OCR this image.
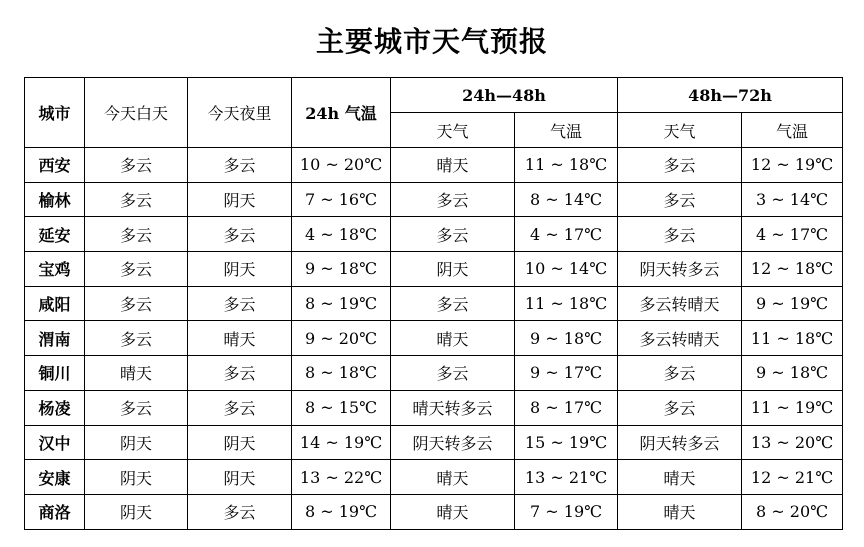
主要城市天气预报
城市	今天白天	今天夜里	24h 气温	24h—48h		48h—72h	
				天气	气温	天气	气温
西安	多云	多云	10 ~ 20℃	晴天	11 ~ 18℃	多云	12 ~ 19℃
榆林	多云	阴天	7 ~ 16℃	多云	8 ~ 14℃	多云	3 ~ 14℃
延安	多云	多云	4 ~ 18℃	多云	4 ~ 17℃	多云	4 ~ 17℃
宝鸡	多云	阴天	9 ~ 18℃	阴天	10 ~ 14℃	阴天转多云	12 ~ 18℃
咸阳	多云	多云	8 ~ 19℃	多云	11 ~ 18℃	多云转晴天	9 ~ 19℃
渭南	多云	晴天	9 ~ 20℃	晴天	9 ~ 18℃	多云转晴天	11 ~ 18℃
铜川	晴天	多云	8 ~ 18℃	多云	9 ~ 17℃	多云	9 ~ 18℃
杨凌	多云	多云	8 ~ 15℃	晴天转多云	8 ~ 17℃	多云	11 ~ 19℃
汉中	阴天	阴天	14 ~ 19℃	阴天转多云	15 ~ 19℃	阴天转多云	13 ~ 20℃
安康	阴天	阴天	13 ~ 22℃	晴天	13 ~ 21℃	晴天	12 ~ 21℃
商洛	阴天	多云	8 ~ 19℃	晴天	7 ~ 19℃	晴天	8 ~ 20℃
